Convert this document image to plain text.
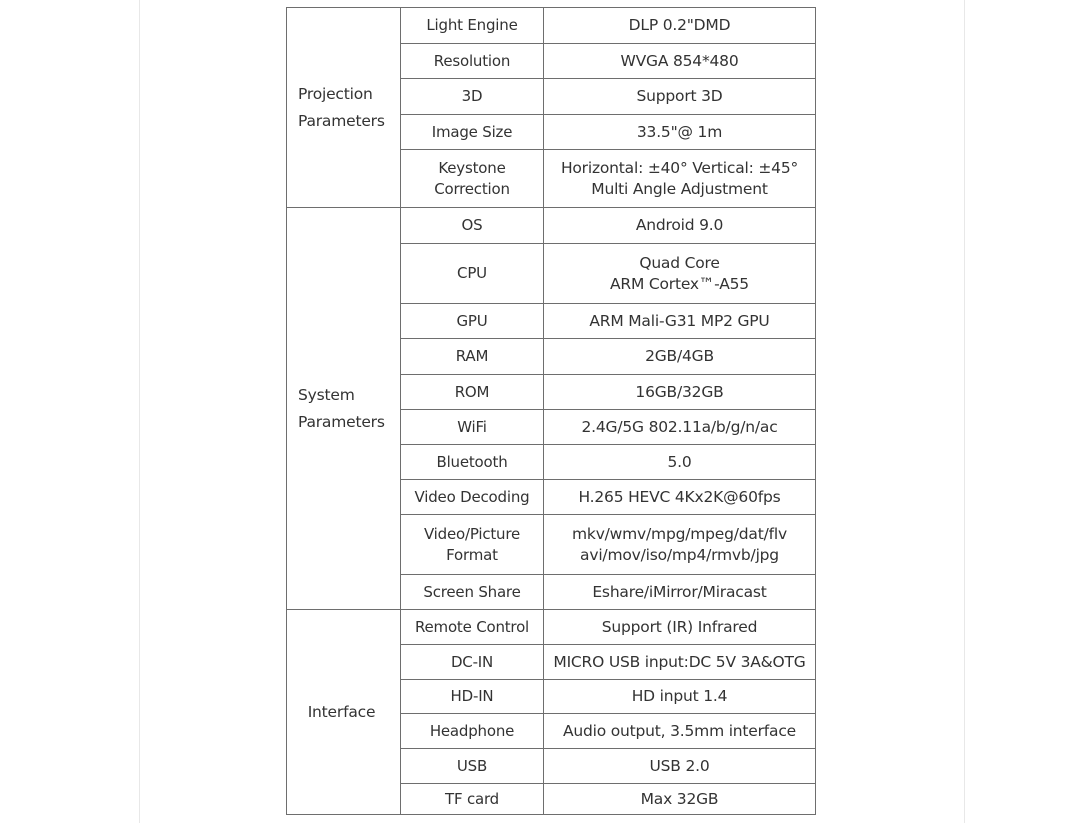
Projection
Parameters	Light Engine	DLP 0.2"DMD

	Resolution	WVGA 854*480

	3D	Support 3D

	Image Size	33.5"@ 1m

	Keystone
Correction	Horizontal: ±40° Vertical: ±45°
Multi Angle Adjustment

System
Parameters	OS	Android 9.0

	CPU	Quad Core
ARM Cortex™-A55

	GPU	ARM Mali-G31 MP2 GPU

	RAM	2GB/4GB

	ROM	16GB/32GB

	WiFi	2.4G/5G 802.11a/b/g/n/ac

	Bluetooth	5.0

	Video Decoding	H.265 HEVC 4Kx2K@60fps

	Video/Picture
Format	mkv/wmv/mpg/mpeg/dat/flv
avi/mov/iso/mp4/rmvb/jpg

	Screen Share	Eshare/iMirror/Miracast

Interface	Remote Control	Support (IR) Infrared

	DC-IN	MICRO USB input:DC 5V 3A&OTG

	HD-IN	HD input 1.4

	Headphone	Audio output, 3.5mm interface

	USB	USB 2.0

	TF card	Max 32GB
